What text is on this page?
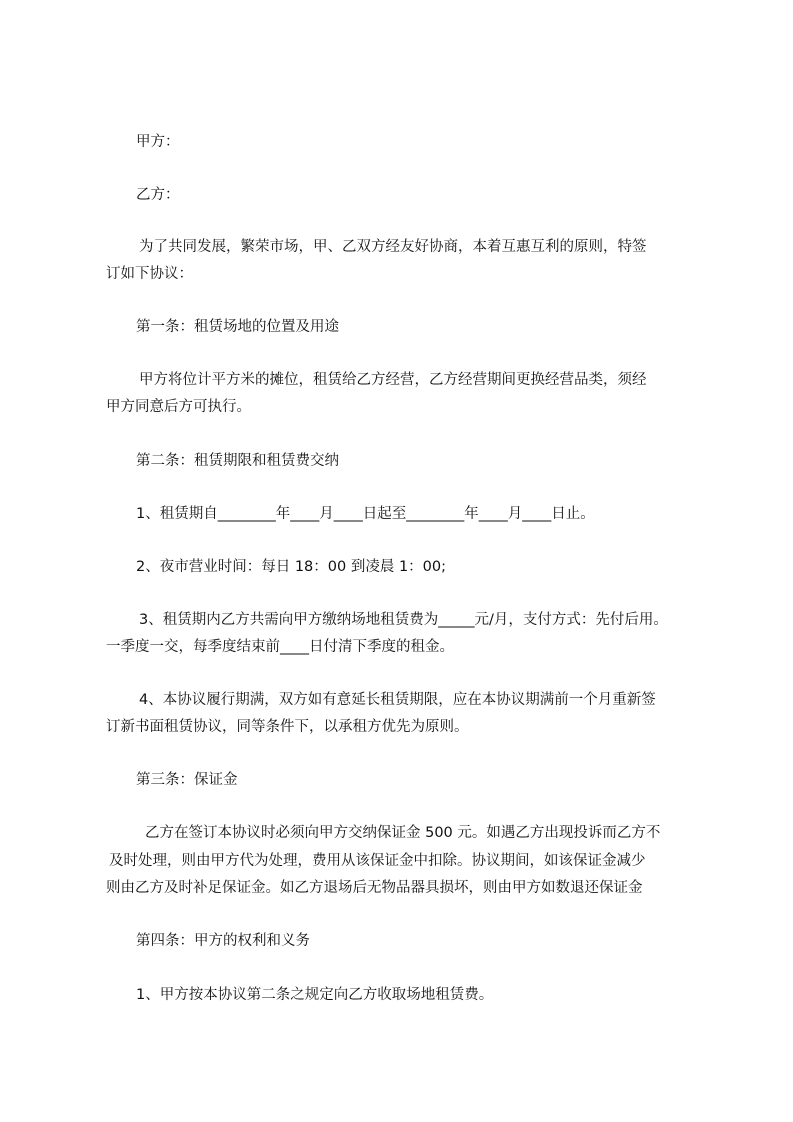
甲方：

乙方：

为了共同发展，繁荣市场，甲、乙双方经友好协商，本着互惠互利的原则，特签

订如下协议：

第一条：租赁场地的位置及用途

甲方将位计平方米的摊位，租赁给乙方经营，乙方经营期间更换经营品类，须经

甲方同意后方可执行。

第二条：租赁期限和租赁费交纳

1、租赁期自________年____月____日起至________年____月____日止。

2、夜市营业时间：每日 18：00 到凌晨 1：00;

3、租赁期内乙方共需向甲方缴纳场地租赁费为_____元/月，支付方式：先付后用。

一季度一交，每季度结束前____日付清下季度的租金。

4、本协议履行期满，双方如有意延长租赁期限，应在本协议期满前一个月重新签

订新书面租赁协议，同等条件下，以承租方优先为原则。

第三条：保证金

乙方在签订本协议时必须向甲方交纳保证金 500 元。如遇乙方出现投诉而乙方不

及时处理，则由甲方代为处理，费用从该保证金中扣除。协议期间，如该保证金减少

则由乙方及时补足保证金。如乙方退场后无物品器具损坏，则由甲方如数退还保证金

第四条：甲方的权利和义务

1、甲方按本协议第二条之规定向乙方收取场地租赁费。
